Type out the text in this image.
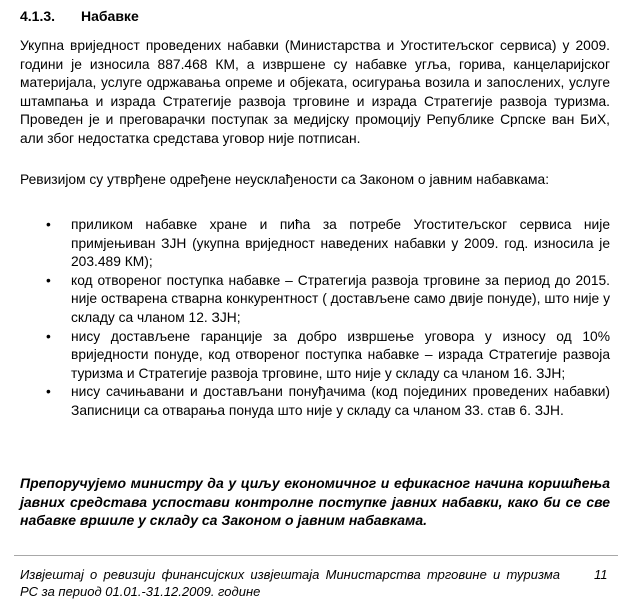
4.1.3.	Набавке
Укупна вриједност проведених набавки (Министарства и Угоститељског сервиса) у 2009. години је износила 887.468 КМ, а извршене су набавке угља, горива, канцеларијског материјала, услуге одржавања опреме и објеката, осигурања возила и запослених, услуге штампања и израда Стратегије развоја трговине и израда Стратегије развоја туризма. Проведен је и преговарачки поступак за медијску промоцију Републике Српске ван БиХ, али због недостатка средстава уговор није потписан.
Ревизијом су утврђене одређене неусклађености са Законом о јавним набавкама:
• приликом набавке хране и пића за потребе Угоститељског сервиса није примјењиван ЗЈН (укупна вриједност наведених набавки у 2009. год. износила је 203.489 КМ);
• код отвореног поступка набавке – Стратегија развоја трговине за период до 2015. није остварена стварна конкурентност ( достављене само двије понуде), што није у складу са чланом 12. ЗЈН;
• нису достављене гаранције за добро извршење уговора у износу од 10% вриједности понуде, код отвореног поступка набавке – израда Стратегије развоја туризма и Стратегије развоја трговине, што није у складу са чланом 16. ЗЈН;
• нису сачињавани и достављани понуђачима (код појединих проведених набавки) Записници са отварања понуда што није у складу са чланом 33. став 6. ЗЈН.
Препоручујемо министру да у циљу економичног и ефикасног начина коришћења јавних средстава успостави контролне поступке јавних набавки, како би се све набавке вршиле у складу са Законом о јавним набавкама.
Извјештај о ревизији финансијских извјештаја Министарства трговине и туризма РС за период 01.01.-31.12.2009. године
11
